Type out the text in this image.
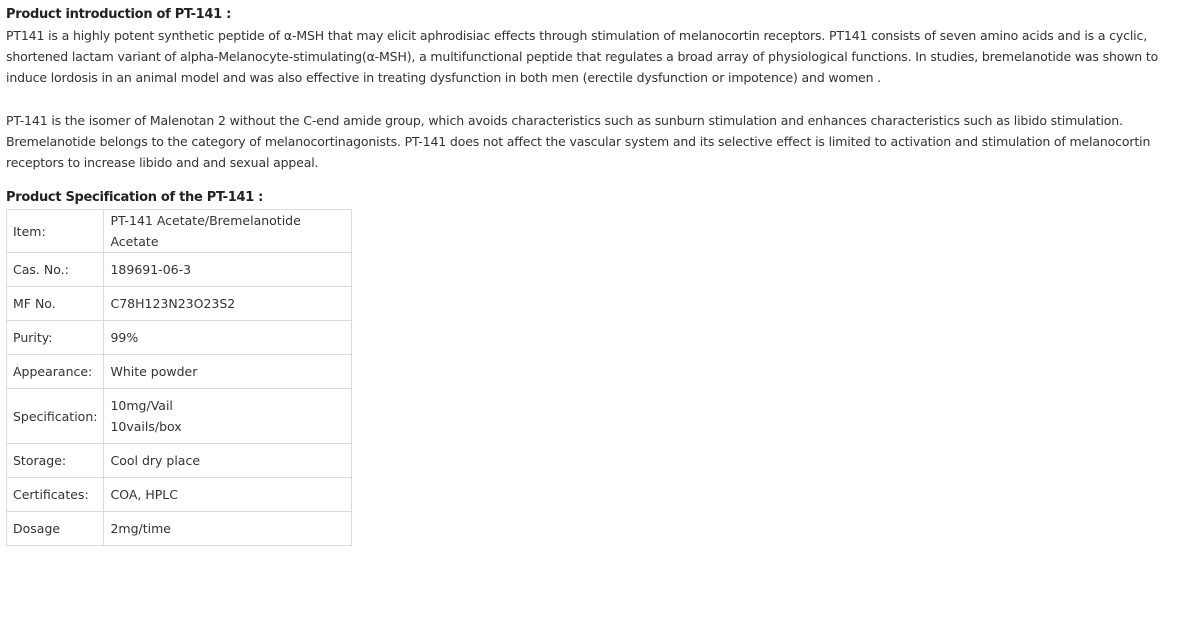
Product introduction of PT-141 :

PT141 is a highly potent synthetic peptide of α-MSH that may elicit aphrodisiac effects through stimulation of melanocortin receptors. PT141 consists of seven amino acids and is a cyclic, shortened lactam variant of alpha-Melanocyte-stimulating(α-MSH), a multifunctional peptide that regulates a broad array of physiological functions. In studies, bremelanotide was shown to induce lordosis in an animal model and was also effective in treating dysfunction in both men (erectile dysfunction or impotence) and women .

PT-141 is the isomer of Malenotan 2 without the C-end amide group, which avoids characteristics such as sunburn stimulation and enhances characteristics such as libido stimulation. Bremelanotide belongs to the category of melanocortinagonists. PT-141 does not affect the vascular system and its selective effect is limited to activation and stimulation of melanocortin receptors to increase libido and and sexual appeal.

Product Specification of the PT-141 :

Item:	PT-141 Acetate/Bremelanotide Acetate
Cas. No.:	189691-06-3
MF No.	C78H123N23O23S2
Purity:	99%
Appearance:	White powder
Specification:	10mg/Vail
10vails/box

Storage:	Cool dry place
Certificates:	COA, HPLC
Dosage	2mg/time
